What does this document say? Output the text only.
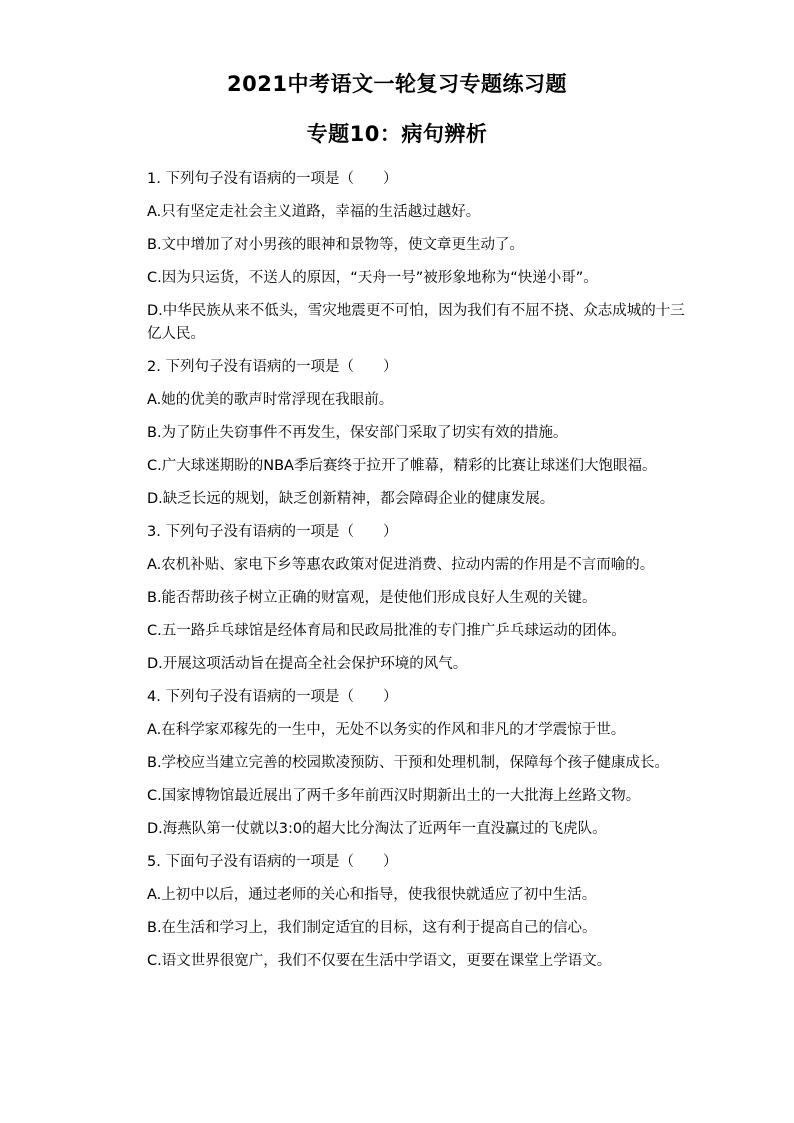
2021中考语文一轮复习专题练习题
专题10：病句辨析
1. 下列句子没有语病的一项是（　　）
A.只有坚定走社会主义道路，幸福的生活越过越好。
B.文中增加了对小男孩的眼神和景物等，使文章更生动了。
C.因为只运货，不送人的原因，“天舟一号”被形象地称为“快递小哥”。
D.中华民族从来不低头，雪灾地震更不可怕，因为我们有不屈不挠、众志成城的十三亿人民。
2. 下列句子没有语病的一项是（　　）
A.她的优美的歌声时常浮现在我眼前。
B.为了防止失窃事件不再发生，保安部门采取了切实有效的措施。
C.广大球迷期盼的NBA季后赛终于拉开了帷幕，精彩的比赛让球迷们大饱眼福。
D.缺乏长远的规划，缺乏创新精神，都会障碍企业的健康发展。
3. 下列句子没有语病的一项是（　　）
A.农机补贴、家电下乡等惠农政策对促进消费、拉动内需的作用是不言而喻的。
B.能否帮助孩子树立正确的财富观，是使他们形成良好人生观的关键。
C.五一路乒乓球馆是经体育局和民政局批准的专门推广乒乓球运动的团体。
D.开展这项活动旨在提高全社会保护环境的风气。
4. 下列句子没有语病的一项是（　　）
A.在科学家邓稼先的一生中，无处不以务实的作风和非凡的才学震惊于世。
B.学校应当建立完善的校园欺凌预防、干预和处理机制，保障每个孩子健康成长。
C.国家博物馆最近展出了两千多年前西汉时期新出土的一大批海上丝路文物。
D.海燕队第一仗就以3:0的超大比分淘汰了近两年一直没赢过的飞虎队。
5. 下面句子没有语病的一项是（　　）
A.上初中以后，通过老师的关心和指导，使我很快就适应了初中生活。
B.在生活和学习上，我们制定适宜的目标，这有利于提高自己的信心。
C.语文世界很宽广，我们不仅要在生活中学语文，更要在课堂上学语文。
